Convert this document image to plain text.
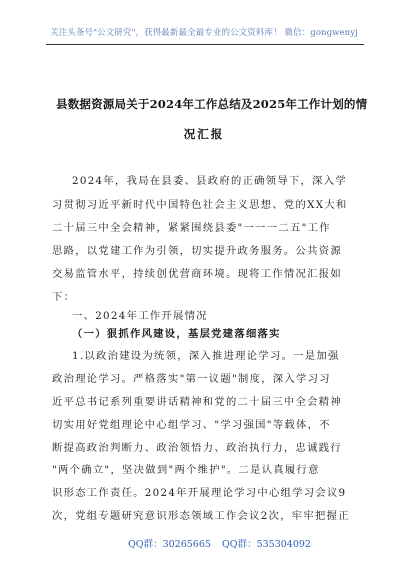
关注头条号"公文研究"，获得最新最全最专业的公文资料库！ 微信：gongwenyj
县数据资源局关于2024年工作总结及2025年工作计划的情
况汇报
2024年，我局在县委、县政府的正确领导下，深入学
习贯彻习近平新时代中国特色社会主义思想、党的XX大和
二十届三中全会精神，紧紧围绕县委"一一一二五"工作
思路，以党建工作为引领，切实提升政务服务。公共资源
交易监管水平，持续创优营商环境。现将工作情况汇报如
下：
一、2024年工作开展情况
（一）狠抓作风建设，基层党建落细落实
1.以政治建设为统领，深入推进理论学习。一是加强
政治理论学习。严格落实"第一议题"制度，深入学习习
近平总书记系列重要讲话精神和党的二十届三中全会精神
切实用好党组理论中心组学习、"学习强国"等载体，不
断提高政治判断力、政治领悟力、政治执行力，忠诚践行
"两个确立"，坚决做到"两个维护"。二是认真履行意
识形态工作责任。2024年开展理论学习中心组学习会议9
次，党组专题研究意识形态领域工作会议2次，牢牢把握正
QQ群：30265665 QQ群：535304092
